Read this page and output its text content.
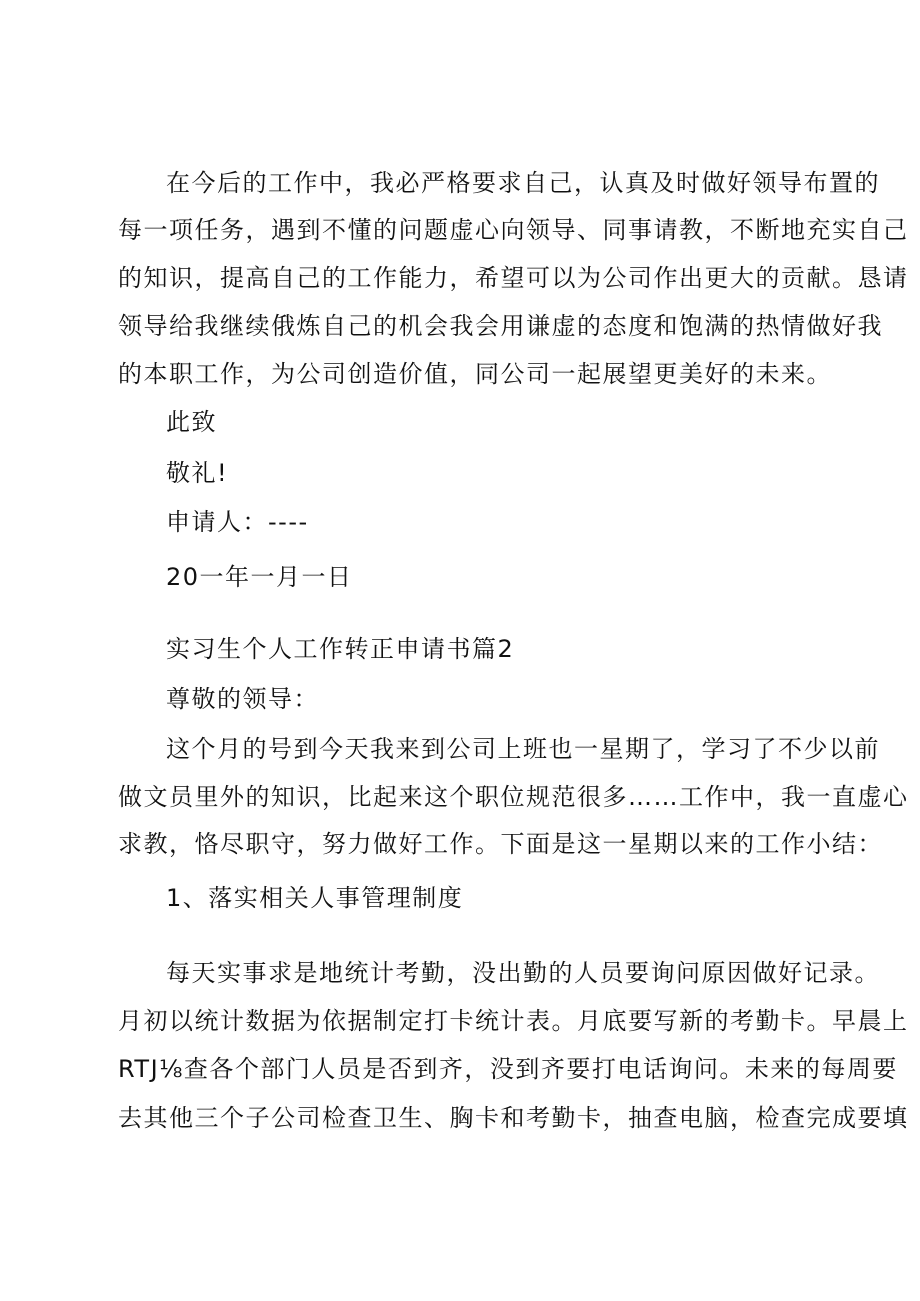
在今后的工作中，我必严格要求自己，认真及时做好领导布置的
每一项任务，遇到不懂的问题虚心向领导、同事请教，不断地充实自己
的知识，提高自己的工作能力，希望可以为公司作出更大的贡献。恳请
领导给我继续俄炼自己的机会我会用谦虚的态度和饱满的热情做好我
的本职工作，为公司创造价值，同公司一起展望更美好的未来。
此致
敬礼!
申请人：----
20一年一月一日
实习生个人工作转正申请书篇2
尊敬的领导：
这个月的号到今天我来到公司上班也一星期了，学习了不少以前
做文员里外的知识，比起来这个职位规范很多……工作中，我一直虚心
求教，恪尽职守，努力做好工作。下面是这一星期以来的工作小结：
1、落实相关人事管理制度
每天实事求是地统计考勤，没出勤的人员要询问原因做好记录。
月初以统计数据为依据制定打卡统计表。月底要写新的考勤卡。早晨上
RTJ⅛查各个部门人员是否到齐，没到齐要打电话询问。未来的每周要
去其他三个子公司检查卫生、胸卡和考勤卡，抽查电脑，检查完成要填
